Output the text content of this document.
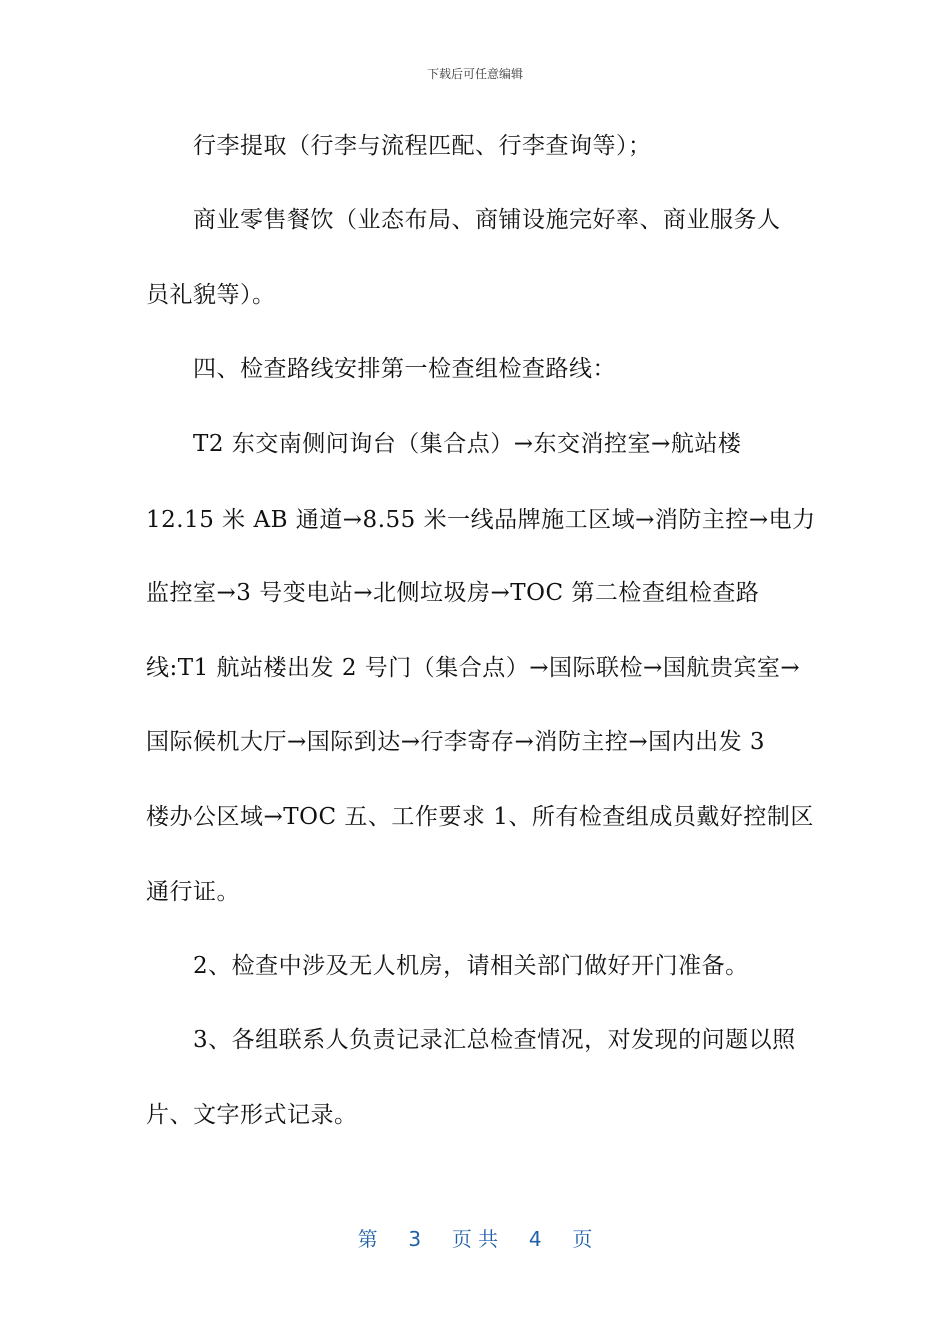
下载后可任意编辑
行李提取（行李与流程匹配、行李查询等）；
商业零售餐饮（业态布局、商铺设施完好率、商业服务人
员礼貌等）。
四、检查路线安排第一检查组检查路线：
T2 东交南侧问询台（集合点）→东交消控室→航站楼
12.15 米 AB 通道→8.55 米一线品牌施工区域→消防主控→电力
监控室→3 号变电站→北侧垃圾房→TOC 第二检查组检查路
线:T1 航站楼出发 2 号门（集合点）→国际联检→国航贵宾室→
国际候机大厅→国际到达→行李寄存→消防主控→国内出发 3
楼办公区域→TOC 五、工作要求 1、所有检查组成员戴好控制区
通行证。
2、检查中涉及无人机房，请相关部门做好开门准备。
3、各组联系人负责记录汇总检查情况，对发现的问题以照
片、文字形式记录。
第 3 页 共 4 页
